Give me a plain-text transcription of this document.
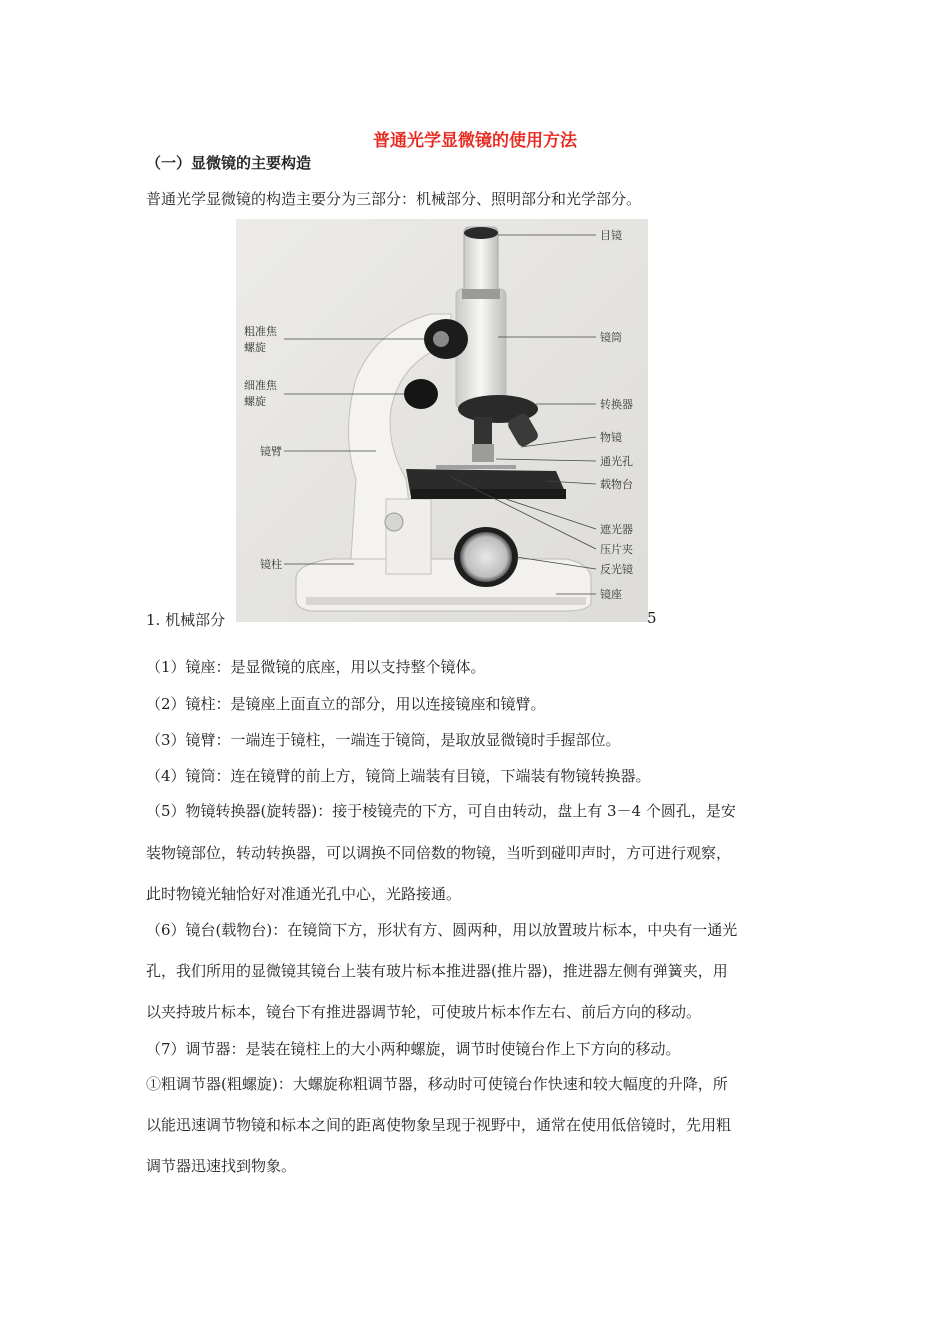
普通光学显微镜的使用方法
（一）显微镜的主要构造
普通光学显微镜的构造主要分为三部分：机械部分、照明部分和光学部分。
目镜
镜筒
转换器
物镜
通光孔
载物台
遮光器
压片夹
反光镜
镜座
粗准焦
螺旋
细准焦
螺旋
镜臂
镜柱
1. 机械部分	5
（1）镜座：是显微镜的底座，用以支持整个镜体。
（2）镜柱：是镜座上面直立的部分，用以连接镜座和镜臂。
（3）镜臂：一端连于镜柱，一端连于镜筒，是取放显微镜时手握部位。
（4）镜筒：连在镜臂的前上方，镜筒上端装有目镜，下端装有物镜转换器。
（5）物镜转换器(旋转器)：接于棱镜壳的下方，可自由转动，盘上有 3－4 个圆孔，是安
装物镜部位，转动转换器，可以调换不同倍数的物镜，当听到碰叩声时，方可进行观察，
此时物镜光轴恰好对准通光孔中心，光路接通。
（6）镜台(载物台)：在镜筒下方，形状有方、圆两种，用以放置玻片标本，中央有一通光
孔，我们所用的显微镜其镜台上装有玻片标本推进器(推片器)，推进器左侧有弹簧夹，用
以夹持玻片标本，镜台下有推进器调节轮，可使玻片标本作左右、前后方向的移动。
（7）调节器：是装在镜柱上的大小两种螺旋，调节时使镜台作上下方向的移动。
①粗调节器(粗螺旋)：大螺旋称粗调节器，移动时可使镜台作快速和较大幅度的升降，所
以能迅速调节物镜和标本之间的距离使物象呈现于视野中，通常在使用低倍镜时，先用粗
调节器迅速找到物象。
